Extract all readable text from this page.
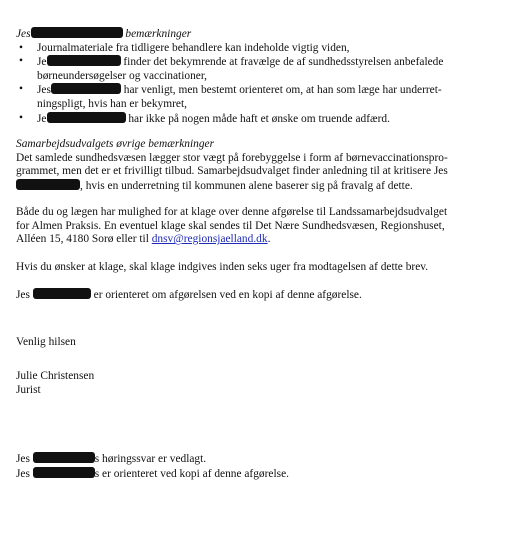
Jes	bemærkninger
• Journalmateriale fra tidligere behandlere kan indeholde vigtig viden,
• Je	finder det bekymrende at fravælge de af sundhedsstyrelsen anbefalede
børneundersøgelser og vaccinationer,
• Jes	har venligt, men bestemt orienteret om, at han som læge har underret-
ningspligt, hvis han er bekymret,
• Je	har ikke på nogen måde haft et ønske om truende adfærd.
Samarbejdsudvalgets øvrige bemærkninger
Det samlede sundhedsvæsen lægger stor vægt på forebyggelse i form af børnevaccinationspro-
grammet, men det er et frivilligt tilbud. Samarbejdsudvalget finder anledning til at kritisere Jes
, hvis en underretning til kommunen alene baserer sig på fravalg af dette.
Både du og lægen har mulighed for at klage over denne afgørelse til Landssamarbejdsudvalget
for Almen Praksis. En eventuel klage skal sendes til Det Nære Sundhedsvæsen, Regionshuset,
Alléen 15, 4180 Sorø eller til dnsv@regionsjaelland.dk.
Hvis du ønsker at klage, skal klage indgives inden seks uger fra modtagelsen af dette brev.
Jes	er orienteret om afgørelsen ved en kopi af denne afgørelse.
Venlig hilsen
Julie Christensen
Jurist
Jes	s høringssvar er vedlagt.
Jes	s er orienteret ved kopi af denne afgørelse.
